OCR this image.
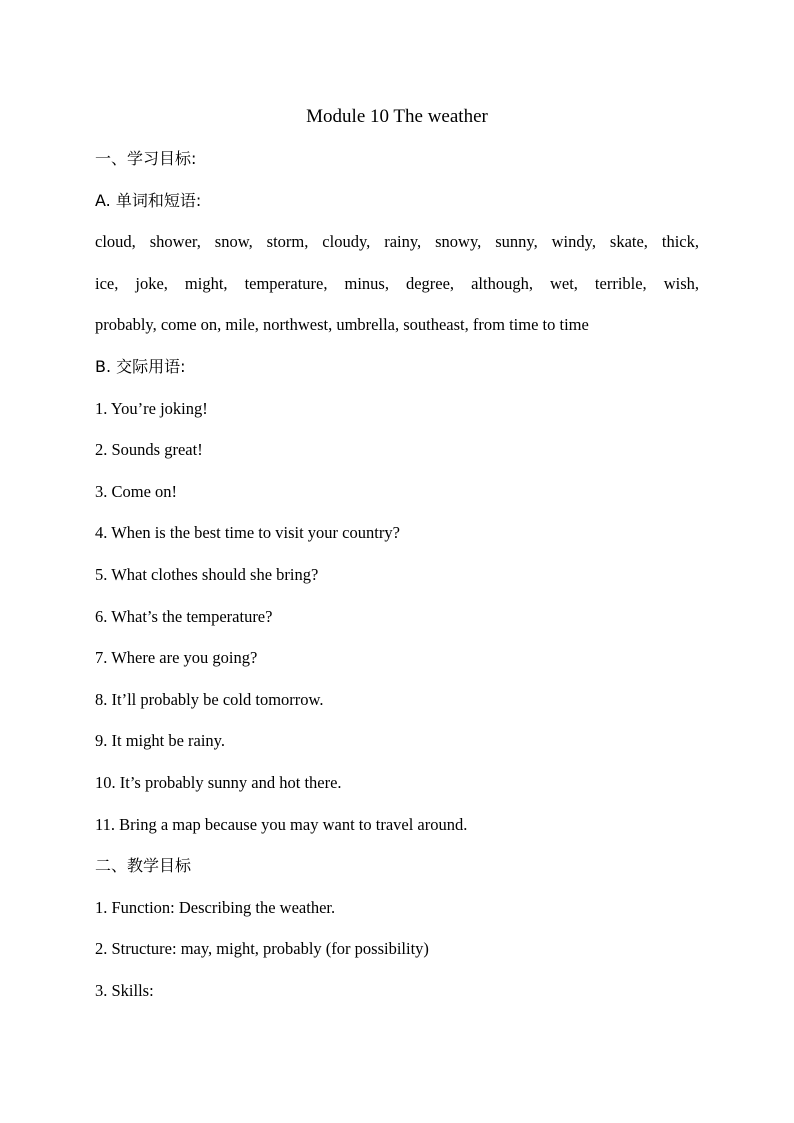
Module 10 The weather
一、学习目标:
A. 单词和短语:
cloud, shower, snow, storm, cloudy, rainy, snowy, sunny, windy, skate, thick,
ice, joke, might, temperature, minus, degree, although, wet, terrible, wish,
probably, come on, mile, northwest, umbrella, southeast, from time to time
B. 交际用语:
1. You’re joking!
2. Sounds great!
3. Come on!
4. When is the best time to visit your country?
5. What clothes should she bring?
6. What’s the temperature?
7. Where are you going?
8. It’ll probably be cold tomorrow.
9. It might be rainy.
10. It’s probably sunny and hot there.
11. Bring a map because you may want to travel around.
二、教学目标
1. Function: Describing the weather.
2. Structure: may, might, probably (for possibility)
3. Skills:
